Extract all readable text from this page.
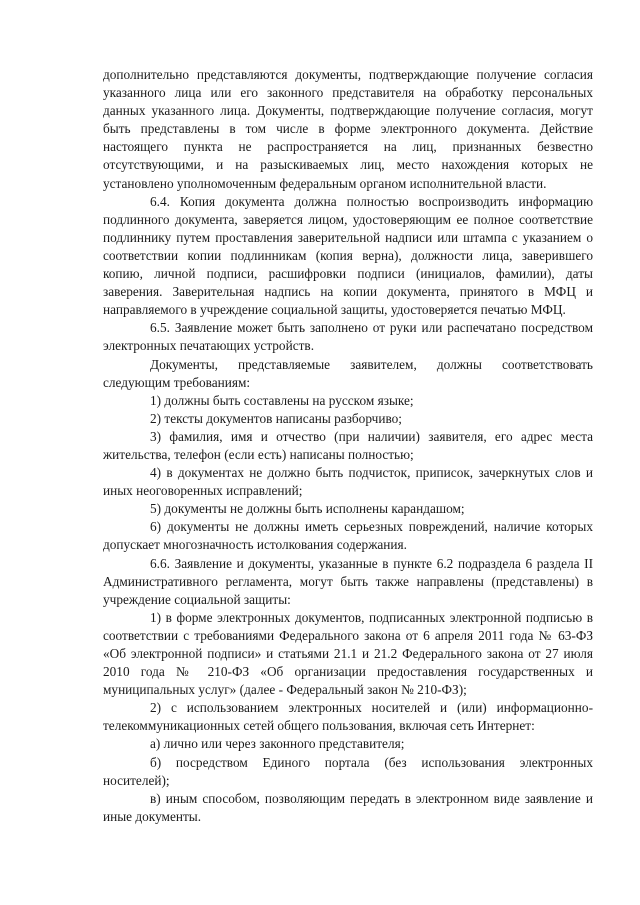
дополнительно представляются документы, подтверждающие получение согласия указанного лица или его законного представителя на обработку персональных данных указанного лица. Документы, подтверждающие получение согласия, могут быть представлены в том числе в форме электронного документа. Действие настоящего пункта не распространяется на лиц, признанных безвестно отсутствующими, и на разыскиваемых лиц, место нахождения которых не установлено уполномоченным федеральным органом исполнительной власти.

6.4. Копия документа должна полностью воспроизводить информацию подлинного документа, заверяется лицом, удостоверяющим ее полное соответствие подлиннику путем проставления заверительной надписи или штампа с указанием о соответствии копии подлинникам (копия верна), должности лица, заверившего копию, личной подписи, расшифровки подписи (инициалов, фамилии), даты заверения. Заверительная надпись на копии документа, принятого в МФЦ и направляемого в учреждение социальной защиты, удостоверяется печатью МФЦ.

6.5. Заявление может быть заполнено от руки или распечатано посредством электронных печатающих устройств.

Документы, представляемые заявителем, должны соответствовать следующим требованиям:

1) должны быть составлены на русском языке;

2) тексты документов написаны разборчиво;

3) фамилия, имя и отчество (при наличии) заявителя, его адрес места жительства, телефон (если есть) написаны полностью;

4) в документах не должно быть подчисток, приписок, зачеркнутых слов и иных неоговоренных исправлений;

5) документы не должны быть исполнены карандашом;

6) документы не должны иметь серьезных повреждений, наличие которых допускает многозначность истолкования содержания.

6.6. Заявление и документы, указанные в пункте 6.2 подраздела 6 раздела II Административного регламента, могут быть также направлены (представлены) в учреждение социальной защиты:

1) в форме электронных документов, подписанных электронной подписью в соответствии с требованиями Федерального закона от 6 апреля 2011 года № 63-ФЗ «Об электронной подписи» и статьями 21.1 и 21.2 Федерального закона от 27 июля 2010 года № 210-ФЗ «Об организации предоставления государственных и муниципальных услуг» (далее - Федеральный закон № 210-ФЗ);

2) с использованием электронных носителей и (или) информационно-телекоммуникационных сетей общего пользования, включая сеть Интернет:

а) лично или через законного представителя;

б) посредством Единого портала (без использования электронных носителей);

в) иным способом, позволяющим передать в электронном виде заявление и иные документы.
